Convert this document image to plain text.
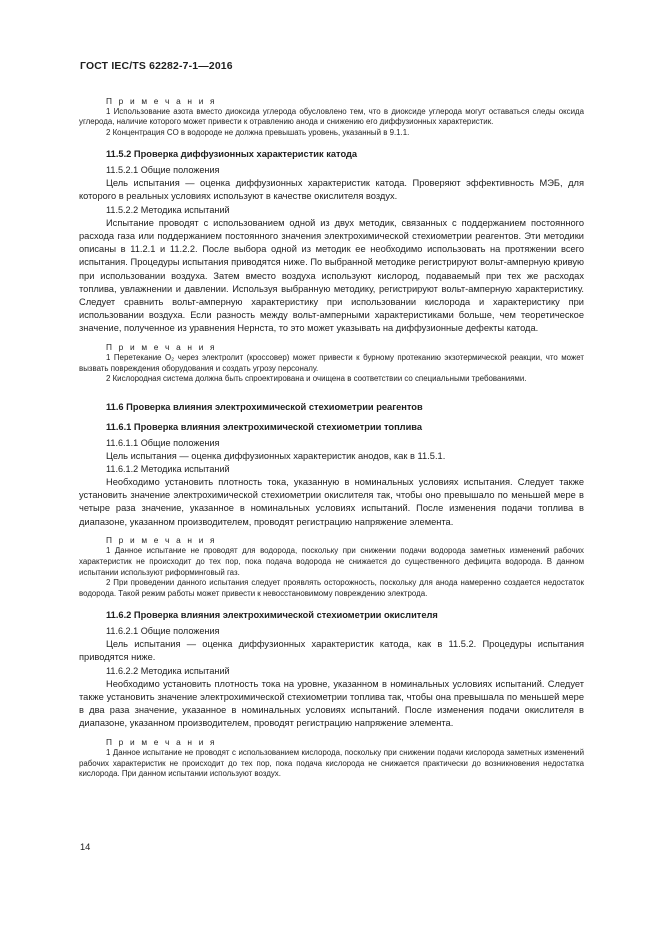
ГОСТ IEC/TS 62282-7-1—2016

П р и м е ч а н и я

1 Использование азота вместо диоксида углерода обусловлено тем, что в диоксиде углерода могут оставаться следы оксида углерода, наличие которого может привести к отравлению анода и снижению его диффузионных характеристик.

2 Концентрация CO в водороде не должна превышать уровень, указанный в 9.1.1.

11.5.2 Проверка диффузионных характеристик катода

11.5.2.1 Общие положения

Цель испытания — оценка диффузионных характеристик катода. Проверяют эффективность МЭБ, для которого в реальных условиях используют в качестве окислителя воздух.

11.5.2.2 Методика испытаний

Испытание проводят с использованием одной из двух методик, связанных с поддержанием постоянного расхода газа или поддержанием постоянного значения электрохимической стехиометрии реагентов. Эти методики описаны в 11.2.1 и 11.2.2. После выбора одной из методик ее необходимо использовать на протяжении всего испытания. Процедуры испытания приводятся ниже. По выбранной методике регистрируют вольт-амперную кривую при использовании воздуха. Затем вместо воздуха используют кислород, подаваемый при тех же расходах топлива, увлажнении и давлении. Используя выбранную методику, регистрируют вольт-амперную характеристику. Следует сравнить вольт-амперную характеристику при использовании кислорода и характеристику при использовании воздуха. Если разность между вольт-амперными характеристиками больше, чем теоретическое значение, полученное из уравнения Нернста, то это может указывать на диффузионные дефекты катода.

П р и м е ч а н и я

1 Перетекание O₂ через электролит (кроссовер) может привести к бурному протеканию экзотермической реакции, что может вызвать повреждения оборудования и создать угрозу персоналу.

2 Кислородная система должна быть спроектирована и очищена в соответствии со специальными требованиями.

11.6 Проверка влияния электрохимической стехиометрии реагентов

11.6.1 Проверка влияния электрохимической стехиометрии топлива

11.6.1.1 Общие положения

Цель испытания — оценка диффузионных характеристик анодов, как в 11.5.1.

11.6.1.2 Методика испытаний

Необходимо установить плотность тока, указанную в номинальных условиях испытания. Следует также установить значение электрохимической стехиометрии окислителя так, чтобы оно превышало по меньшей мере в четыре раза значение, указанное в номинальных условиях испытаний. После изменения подачи топлива в диапазоне, указанном производителем, проводят регистрацию напряжение элемента.

П р и м е ч а н и я

1 Данное испытание не проводят для водорода, поскольку при снижении подачи водорода заметных изменений рабочих характеристик не происходит до тех пор, пока подача водорода не снижается до существенного дефицита водорода. В данном испытании используют риформинговый газ.

2 При проведении данного испытания следует проявлять осторожность, поскольку для анода намеренно создается недостаток водорода. Такой режим работы может привести к невосстановимому повреждению электрода.

11.6.2 Проверка влияния электрохимической стехиометрии окислителя

11.6.2.1 Общие положения

Цель испытания — оценка диффузионных характеристик катода, как в 11.5.2. Процедуры испытания приводятся ниже.

11.6.2.2 Методика испытаний

Необходимо установить плотность тока на уровне, указанном в номинальных условиях испытаний. Следует также установить значение электрохимической стехиометрии топлива так, чтобы она превышала по меньшей мере в два раза значение, указанное в номинальных условиях испытаний. После изменения подачи окислителя в диапазоне, указанном производителем, проводят регистрацию напряжение элемента.

П р и м е ч а н и я

1 Данное испытание не проводят с использованием кислорода, поскольку при снижении подачи кислорода заметных изменений рабочих характеристик не происходит до тех пор, пока подача кислорода не снижается практически до возникновения недостатка кислорода. При данном испытании используют воздух.

14
